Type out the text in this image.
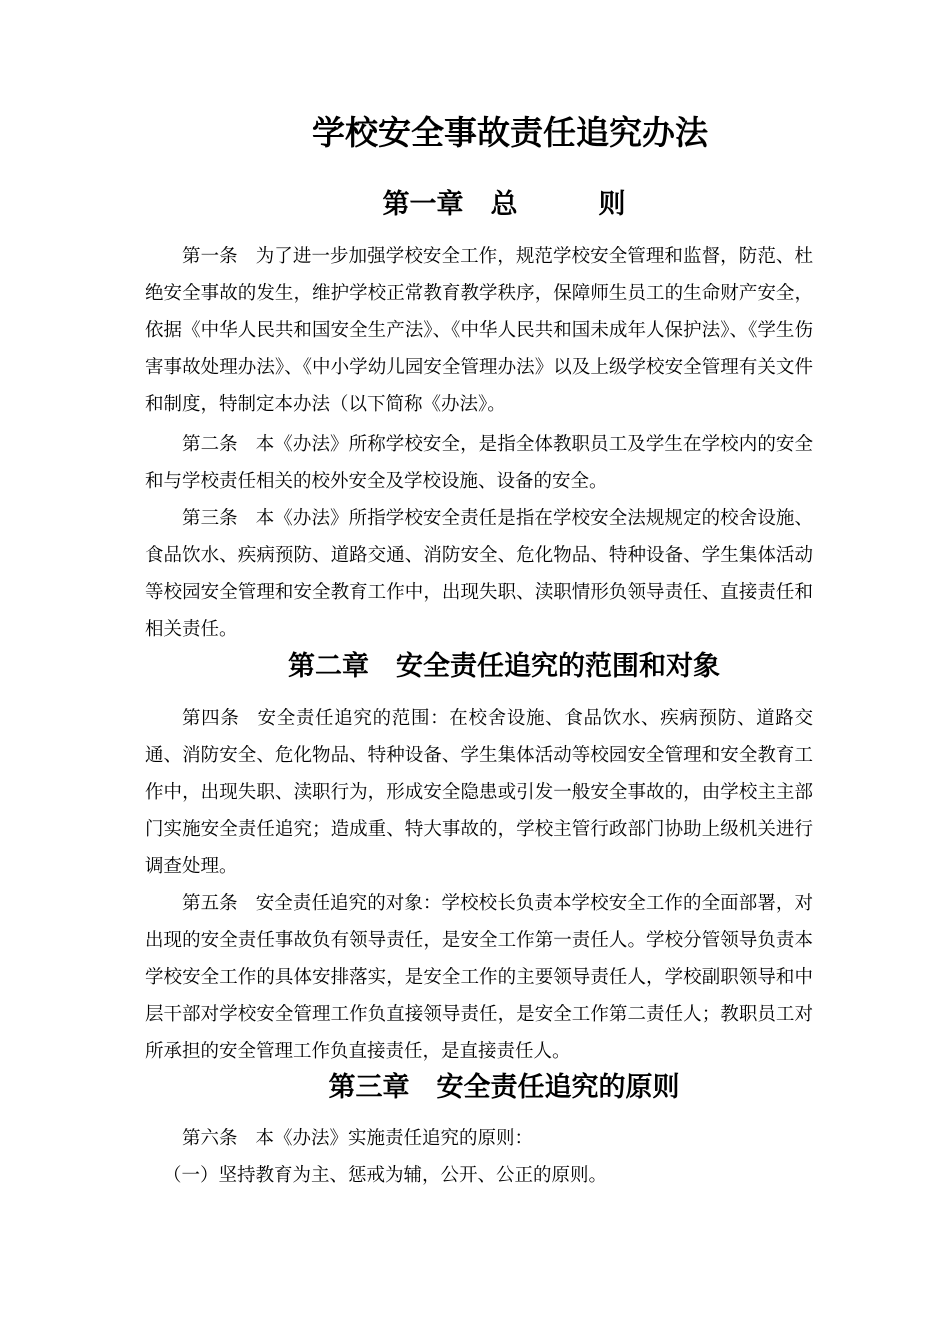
学校安全事故责任追究办法
第一章　总　　　则

第一条 为了进一步加强学校安全工作，规范学校安全管理和监督，防范、杜绝安全事故的发生，维护学校正常教育教学秩序，保障师生员工的生命财产安全，依据《中华人民共和国安全生产法》、《中华人民共和国未成年人保护法》、《学生伤害事故处理办法》、《中小学幼儿园安全管理办法》以及上级学校安全管理有关文件和制度，特制定本办法（以下简称《办法》。

第二条 本《办法》所称学校安全，是指全体教职员工及学生在学校内的安全和与学校责任相关的校外安全及学校设施、设备的安全。

第三条 本《办法》所指学校安全责任是指在学校安全法规规定的校舍设施、食品饮水、疾病预防、道路交通、消防安全、危化物品、特种设备、学生集体活动等校园安全管理和安全教育工作中，出现失职、渎职情形负领导责任、直接责任和相关责任。

第二章　安全责任追究的范围和对象

第四条 安全责任追究的范围：在校舍设施、食品饮水、疾病预防、道路交通、消防安全、危化物品、特种设备、学生集体活动等校园安全管理和安全教育工作中，出现失职、渎职行为，形成安全隐患或引发一般安全事故的，由学校主主部门实施安全责任追究；造成重、特大事故的，学校主管行政部门协助上级机关进行调查处理。

第五条 安全责任追究的对象：学校校长负责本学校安全工作的全面部署，对出现的安全责任事故负有领导责任，是安全工作第一责任人。学校分管领导负责本学校安全工作的具体安排落实，是安全工作的主要领导责任人，学校副职领导和中层干部对学校安全管理工作负直接领导责任，是安全工作第二责任人；教职员工对所承担的安全管理工作负直接责任，是直接责任人。

第三章　安全责任追究的原则

第六条 本《办法》实施责任追究的原则：

（一）坚持教育为主、惩戒为辅，公开、公正的原则。
